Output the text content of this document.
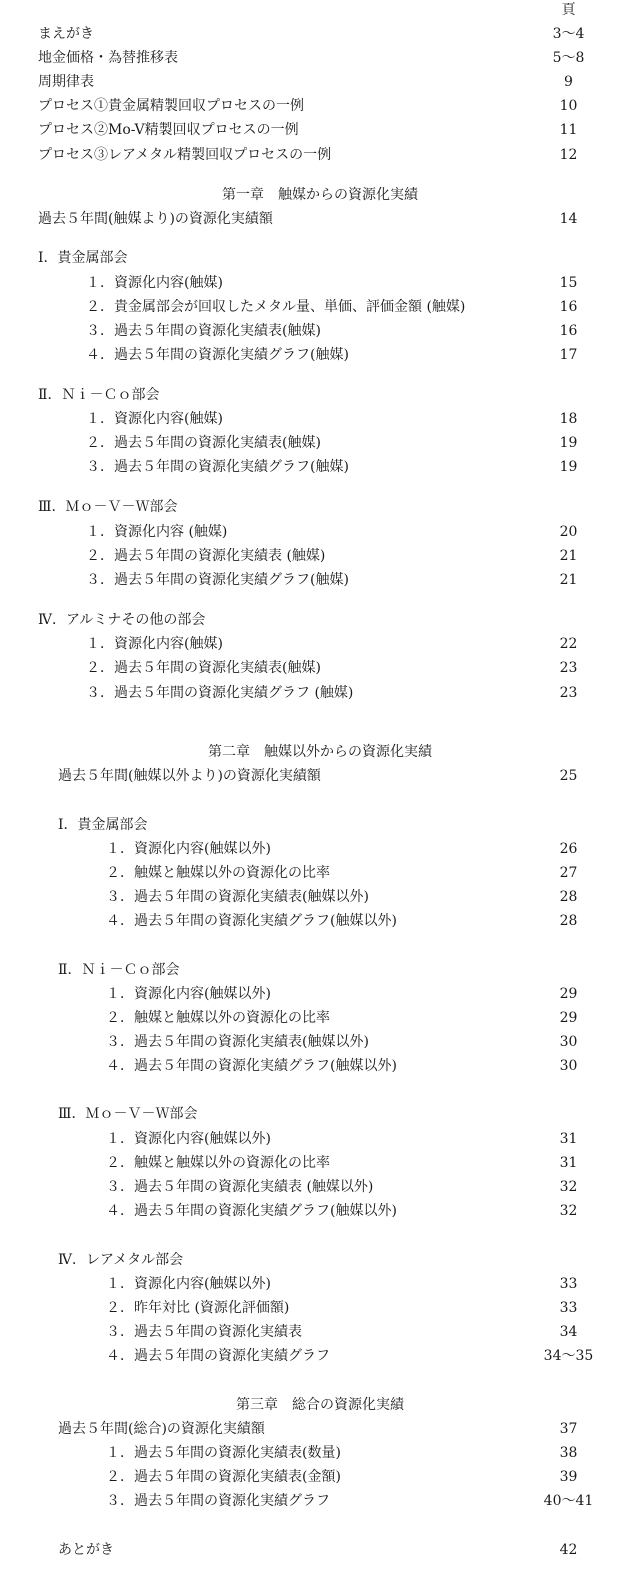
頁
まえがき	3～4
地金価格・為替推移表	5～8
周期律表	9
プロセス①貴金属精製回収プロセスの一例	10
プロセス②Mo-V精製回収プロセスの一例	11
プロセス③レアメタル精製回収プロセスの一例	12
第一章　触媒からの資源化実績
過去５年間(触媒より)の資源化実績額	14
Ⅰ．貴金属部会
１．資源化内容(触媒)	15
２．貴金属部会が回収したメタル量、単価、評価金額 (触媒)	16
３．過去５年間の資源化実績表(触媒)	16
４．過去５年間の資源化実績グラフ(触媒)	17
Ⅱ．Ｎｉ－Ｃｏ部会
１．資源化内容(触媒)	18
２．過去５年間の資源化実績表(触媒)	19
３．過去５年間の資源化実績グラフ(触媒)	19
Ⅲ．Ｍｏ－Ｖ－Ｗ部会
１．資源化内容 (触媒)	20
２．過去５年間の資源化実績表 (触媒)	21
３．過去５年間の資源化実績グラフ(触媒)	21
Ⅳ．アルミナその他の部会
１．資源化内容(触媒)	22
２．過去５年間の資源化実績表(触媒)	23
３．過去５年間の資源化実績グラフ (触媒)	23
第二章　触媒以外からの資源化実績
過去５年間(触媒以外より)の資源化実績額	25
Ⅰ．貴金属部会
１．資源化内容(触媒以外)	26
２．触媒と触媒以外の資源化の比率	27
３．過去５年間の資源化実績表(触媒以外)	28
４．過去５年間の資源化実績グラフ(触媒以外)	28
Ⅱ．Ｎｉ－Ｃｏ部会
１．資源化内容(触媒以外)	29
２．触媒と触媒以外の資源化の比率	29
３．過去５年間の資源化実績表(触媒以外)	30
４．過去５年間の資源化実績グラフ(触媒以外)	30
Ⅲ．Ｍｏ－Ｖ－Ｗ部会
１．資源化内容(触媒以外)	31
２．触媒と触媒以外の資源化の比率	31
３．過去５年間の資源化実績表 (触媒以外)	32
４．過去５年間の資源化実績グラフ(触媒以外)	32
Ⅳ．レアメタル部会
１．資源化内容(触媒以外)	33
２．昨年対比 (資源化評価額)	33
３．過去５年間の資源化実績表	34
４．過去５年間の資源化実績グラフ	34～35
第三章　総合の資源化実績
過去５年間(総合)の資源化実績額	37
１．過去５年間の資源化実績表(数量)	38
２．過去５年間の資源化実績表(金額)	39
３．過去５年間の資源化実績グラフ	40～41
あとがき	42
